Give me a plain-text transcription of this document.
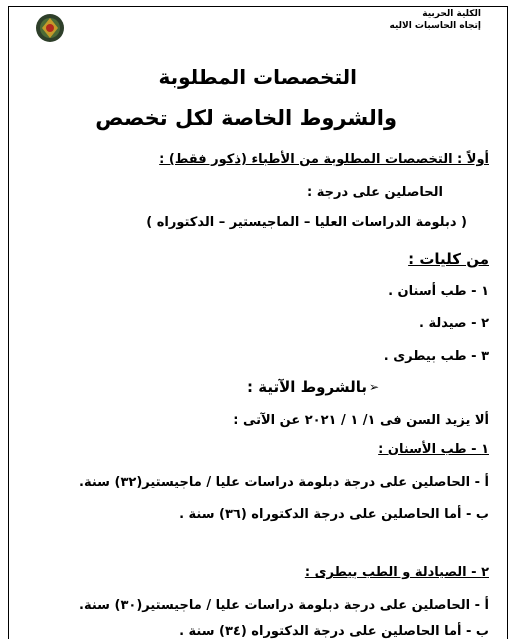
الكلية الحربية
إتجاه الحاسبات الاليه
التخصصات المطلوبة
والشروط الخاصة لكل تخصص
أولاً : التخصصات المطلوبة من الأطباء (ذكور فقط) :
الحاصلين على درجة :
( دبلومة الدراسات العليا – الماجيستير – الدكتوراه )
من كليات :
١ - طب أسنان .
٢ - صيدلة .
٣ - طب بيطرى .
➢
بالشروط الآتية :
ألا يزيد السن فى ١/ ١ / ٢٠٢١ عن الآتى :
١ - طب الأسنان :
أ - الحاصلين على درجة دبلومة دراسات عليا / ماجيستير(٣٢) سنة.
ب - أما الحاصلين على درجة الدكتوراه (٣٦) سنة .
٢ - الصيادلة و الطب بيطرى :
أ - الحاصلين على درجة دبلومة دراسات عليا / ماجيستير(٣٠) سنة.
ب - أما الحاصلين على درجة الدكتوراه (٣٤) سنة .
